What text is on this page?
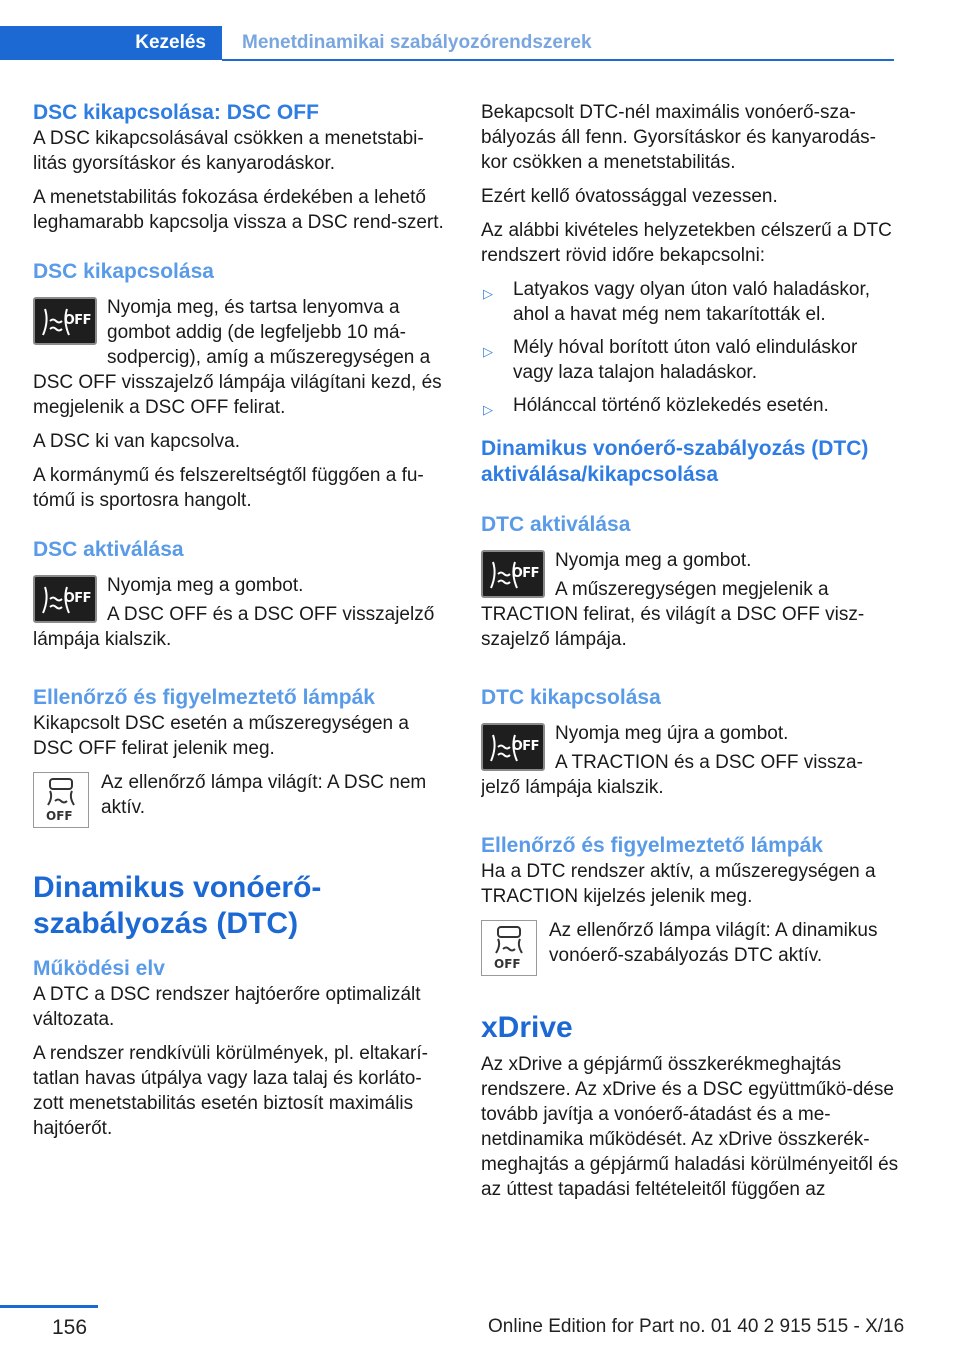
Kezelés	Menetdinamikai szabályozórendszerek
DSC kikapcsolása: DSC OFF

A DSC kikapcsolásával csökken a menetstabi-litás gyorsításkor és kanyarodáskor.

A menetstabilitás fokozása érdekében a lehető leghamarabb kapcsolja vissza a DSC rend-szert.

DSC kikapcsolása
OFF

Nyomja meg, és tartsa lenyomva a gombot addig (de legfeljebb 10 má-sodpercig), amíg a műszeregységen a DSC OFF visszajelző lámpája világítani kezd, és megjelenik a DSC OFF felirat.

A DSC ki van kapcsolva.

A kormánymű és felszereltségtől függően a fu-tómű is sportosra hangolt.

DSC aktiválása
OFF

Nyomja meg a gombot.

A DSC OFF és a DSC OFF visszajelző lámpája kialszik.

Ellenőrző és figyelmeztető lámpák

Kikapcsolt DSC esetén a műszeregységen a DSC OFF felirat jelenik meg.

OFF

Az ellenőrző lámpa világít: A DSC nem aktív.

Dinamikus vonóerő-szabályozás (DTC)
Működési elv

A DTC a DSC rendszer hajtóerőre optimalizált változata.

A rendszer rendkívüli körülmények, pl. eltakarí-tatlan havas útpálya vagy laza talaj és korláto-zott menetstabilitás esetén biztosít maximális hajtóerőt.

Bekapcsolt DTC-nél maximális vonóerő-sza-bályozás áll fenn. Gyorsításkor és kanyarodás-kor csökken a menetstabilitás.

Ezért kellő óvatossággal vezessen.

Az alábbi kivételes helyzetekben célszerű a DTC rendszert rövid időre bekapcsolni:

▷ Latyakos vagy olyan úton való haladáskor, ahol a havat még nem takarították el.
▷ Mély hóval borított úton való elinduláskor vagy laza talajon haladáskor.
▷ Hólánccal történő közlekedés esetén.
Dinamikus vonóerő-szabályozás (DTC) aktiválása/kikapcsolása
DTC aktiválása
OFF

Nyomja meg a gombot.

A műszeregységen megjelenik a TRACTION felirat, és világít a DSC OFF visz-szajelző lámpája.

DTC kikapcsolása
OFF

Nyomja meg újra a gombot.

A TRACTION és a DSC OFF vissza-jelző lámpája kialszik.

Ellenőrző és figyelmeztető lámpák

Ha a DTC rendszer aktív, a műszeregységen a TRACTION kijelzés jelenik meg.

OFF

Az ellenőrző lámpa világít: A dinamikus vonóerő-szabályozás DTC aktív.

xDrive

Az xDrive a gépjármű összkerékmeghajtás rendszere. Az xDrive és a DSC együttműkö-dése tovább javítja a vonóerő-átadást és a me-netdinamika működését. Az xDrive összkerék-meghajtás a gépjármű haladási körülményeitől és az úttest tapadási feltételeitől függően az

156	Online Edition for Part no. 01 40 2 915 515 - X/16
